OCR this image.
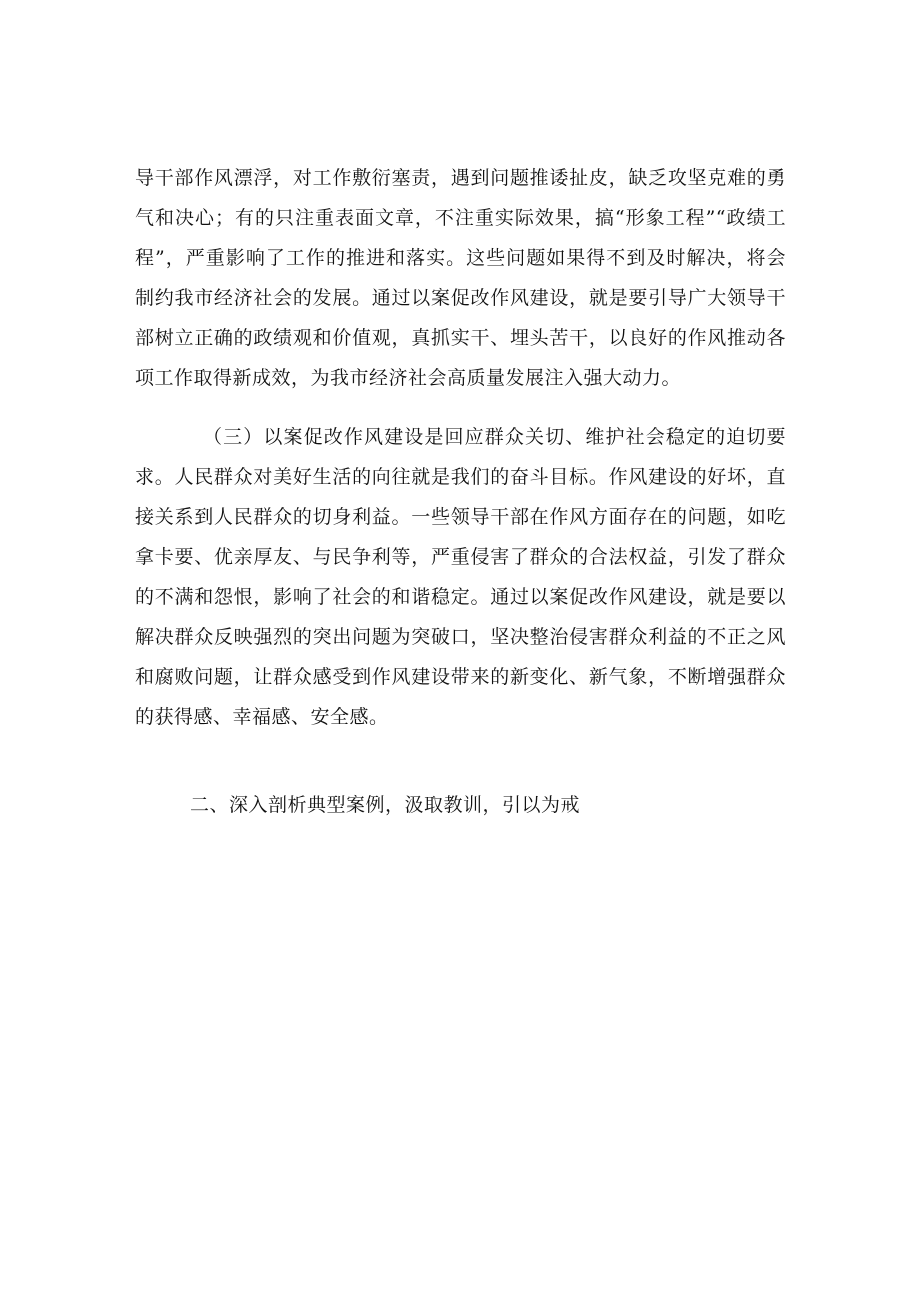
导干部作风漂浮，对工作敷衍塞责，遇到问题推诿扯皮，缺乏攻坚克难的勇气和决心；有的只注重表面文章，不注重实际效果，搞“形象工程”“政绩工程”，严重影响了工作的推进和落实。这些问题如果得不到及时解决，将会制约我市经济社会的发展。通过以案促改作风建设，就是要引导广大领导干部树立正确的政绩观和价值观，真抓实干、埋头苦干，以良好的作风推动各项工作取得新成效，为我市经济社会高质量发展注入强大动力。

（三）以案促改作风建设是回应群众关切、维护社会稳定的迫切要求。人民群众对美好生活的向往就是我们的奋斗目标。作风建设的好坏，直接关系到人民群众的切身利益。一些领导干部在作风方面存在的问题，如吃拿卡要、优亲厚友、与民争利等，严重侵害了群众的合法权益，引发了群众的不满和怨恨，影响了社会的和谐稳定。通过以案促改作风建设，就是要以解决群众反映强烈的突出问题为突破口，坚决整治侵害群众利益的不正之风和腐败问题，让群众感受到作风建设带来的新变化、新气象，不断增强群众的获得感、幸福感、安全感。

二、深入剖析典型案例，汲取教训，引以为戒
